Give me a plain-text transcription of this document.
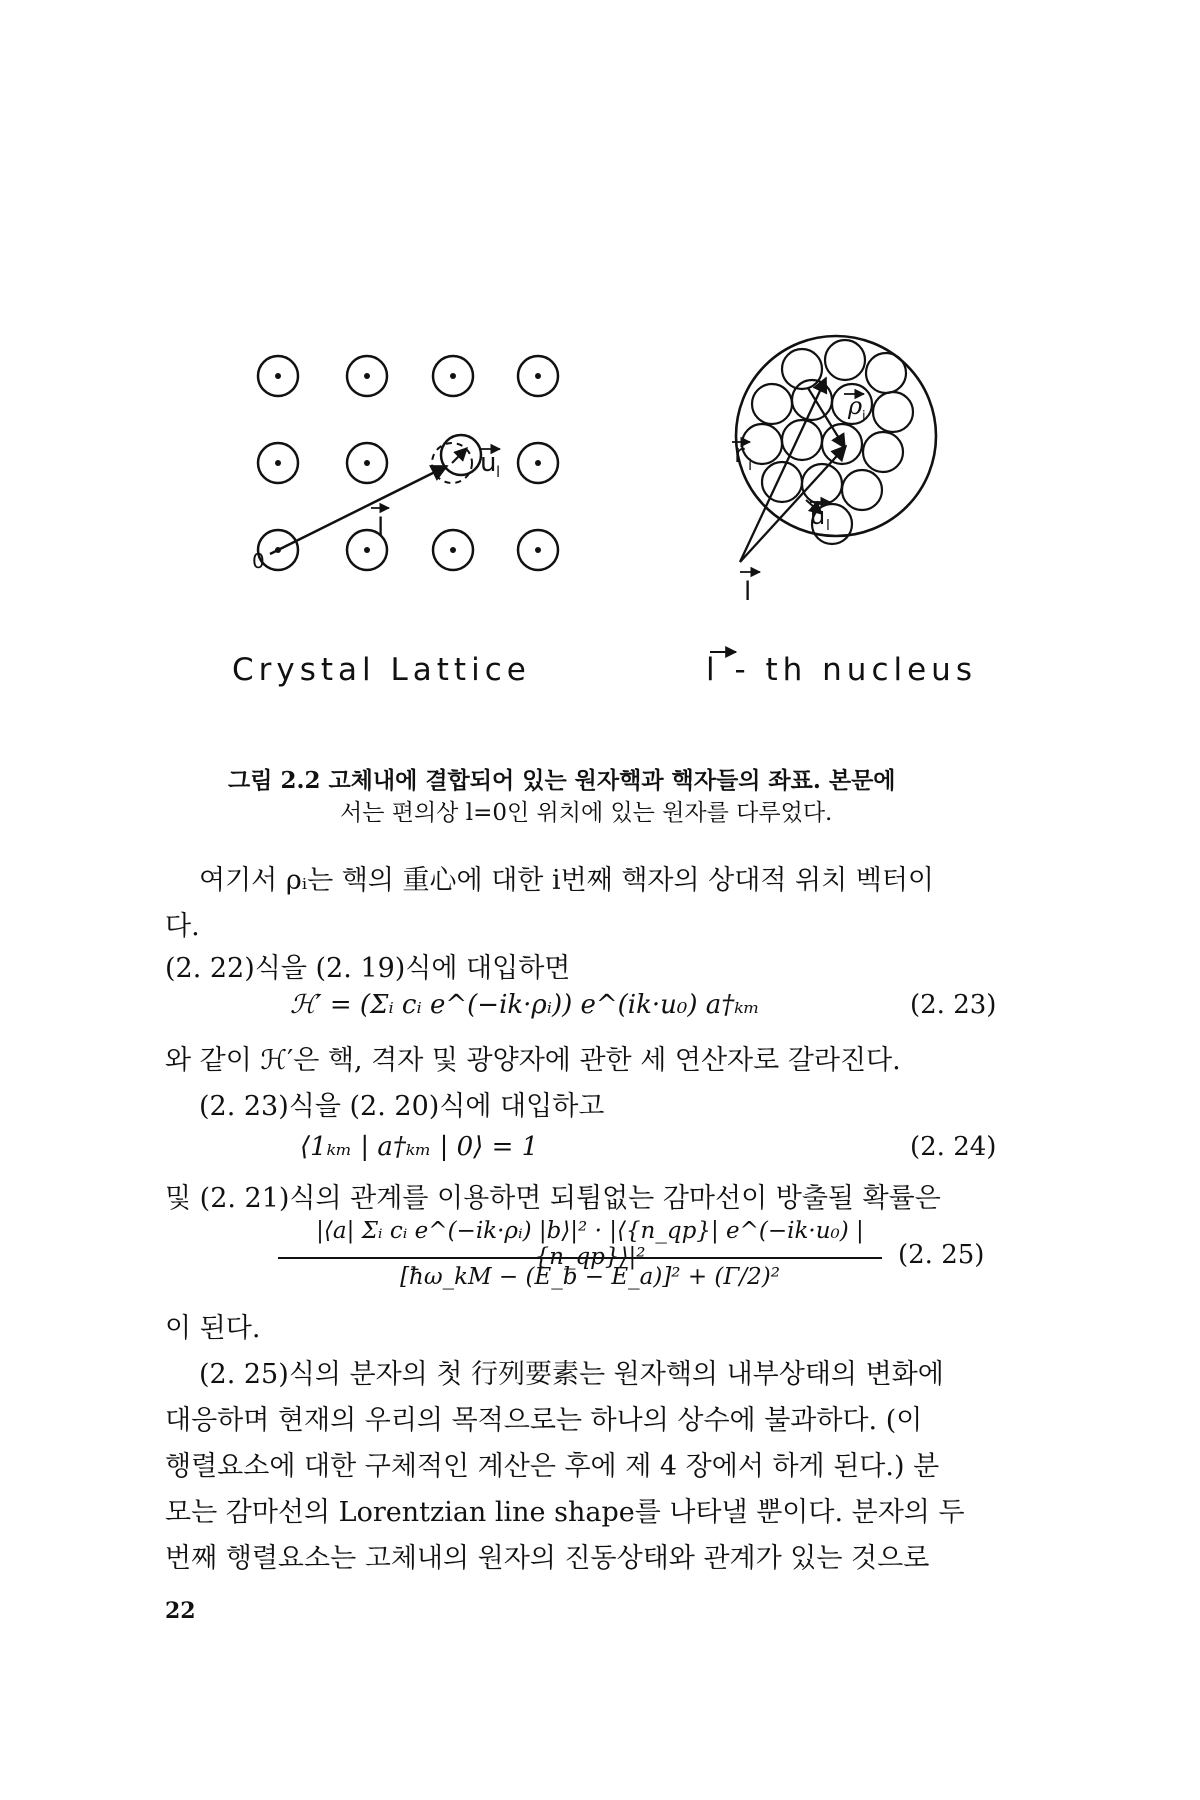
0
l
u l
r i
ρ i
u l
l
Crystal Lattice	l - th nucleus
그림 2.2 고체내에 결합되어 있는 원자핵과 핵자들의 좌표. 본문에
서는 편의상 l=0인 위치에 있는 원자를 다루었다.
여기서 ρᵢ는 핵의 重心에 대한 i번째 핵자의 상대적 위치 벡터이
다.
(2. 22)식을 (2. 19)식에 대입하면
ℋ′ = (Σᵢ cᵢ e^(−ik·ρᵢ)) e^(ik·u₀) a†ₖₘ	(2. 23)
와 같이 ℋ′은 핵, 격자 및 광양자에 관한 세 연산자로 갈라진다.
(2. 23)식을 (2. 20)식에 대입하고
⟨1ₖₘ | a†ₖₘ | 0⟩ = 1	(2. 24)
및 (2. 21)식의 관계를 이용하면 되튐없는 감마선이 방출될 확률은
|⟨a| Σᵢ cᵢ e^(−ik·ρᵢ) |b⟩|² · |⟨{n_qp}| e^(−ik·u₀) |{n_qp}⟩|²
[ħω_kM − (E_b − E_a)]² + (Γ/2)²
(2. 25)
이 된다.
(2. 25)식의 분자의 첫 行列要素는 원자핵의 내부상태의 변화에
대응하며 현재의 우리의 목적으로는 하나의 상수에 불과하다. (이
행렬요소에 대한 구체적인 계산은 후에 제 4 장에서 하게 된다.) 분
모는 감마선의 Lorentzian line shape를 나타낼 뿐이다. 분자의 두
번째 행렬요소는 고체내의 원자의 진동상태와 관계가 있는 것으로
22
